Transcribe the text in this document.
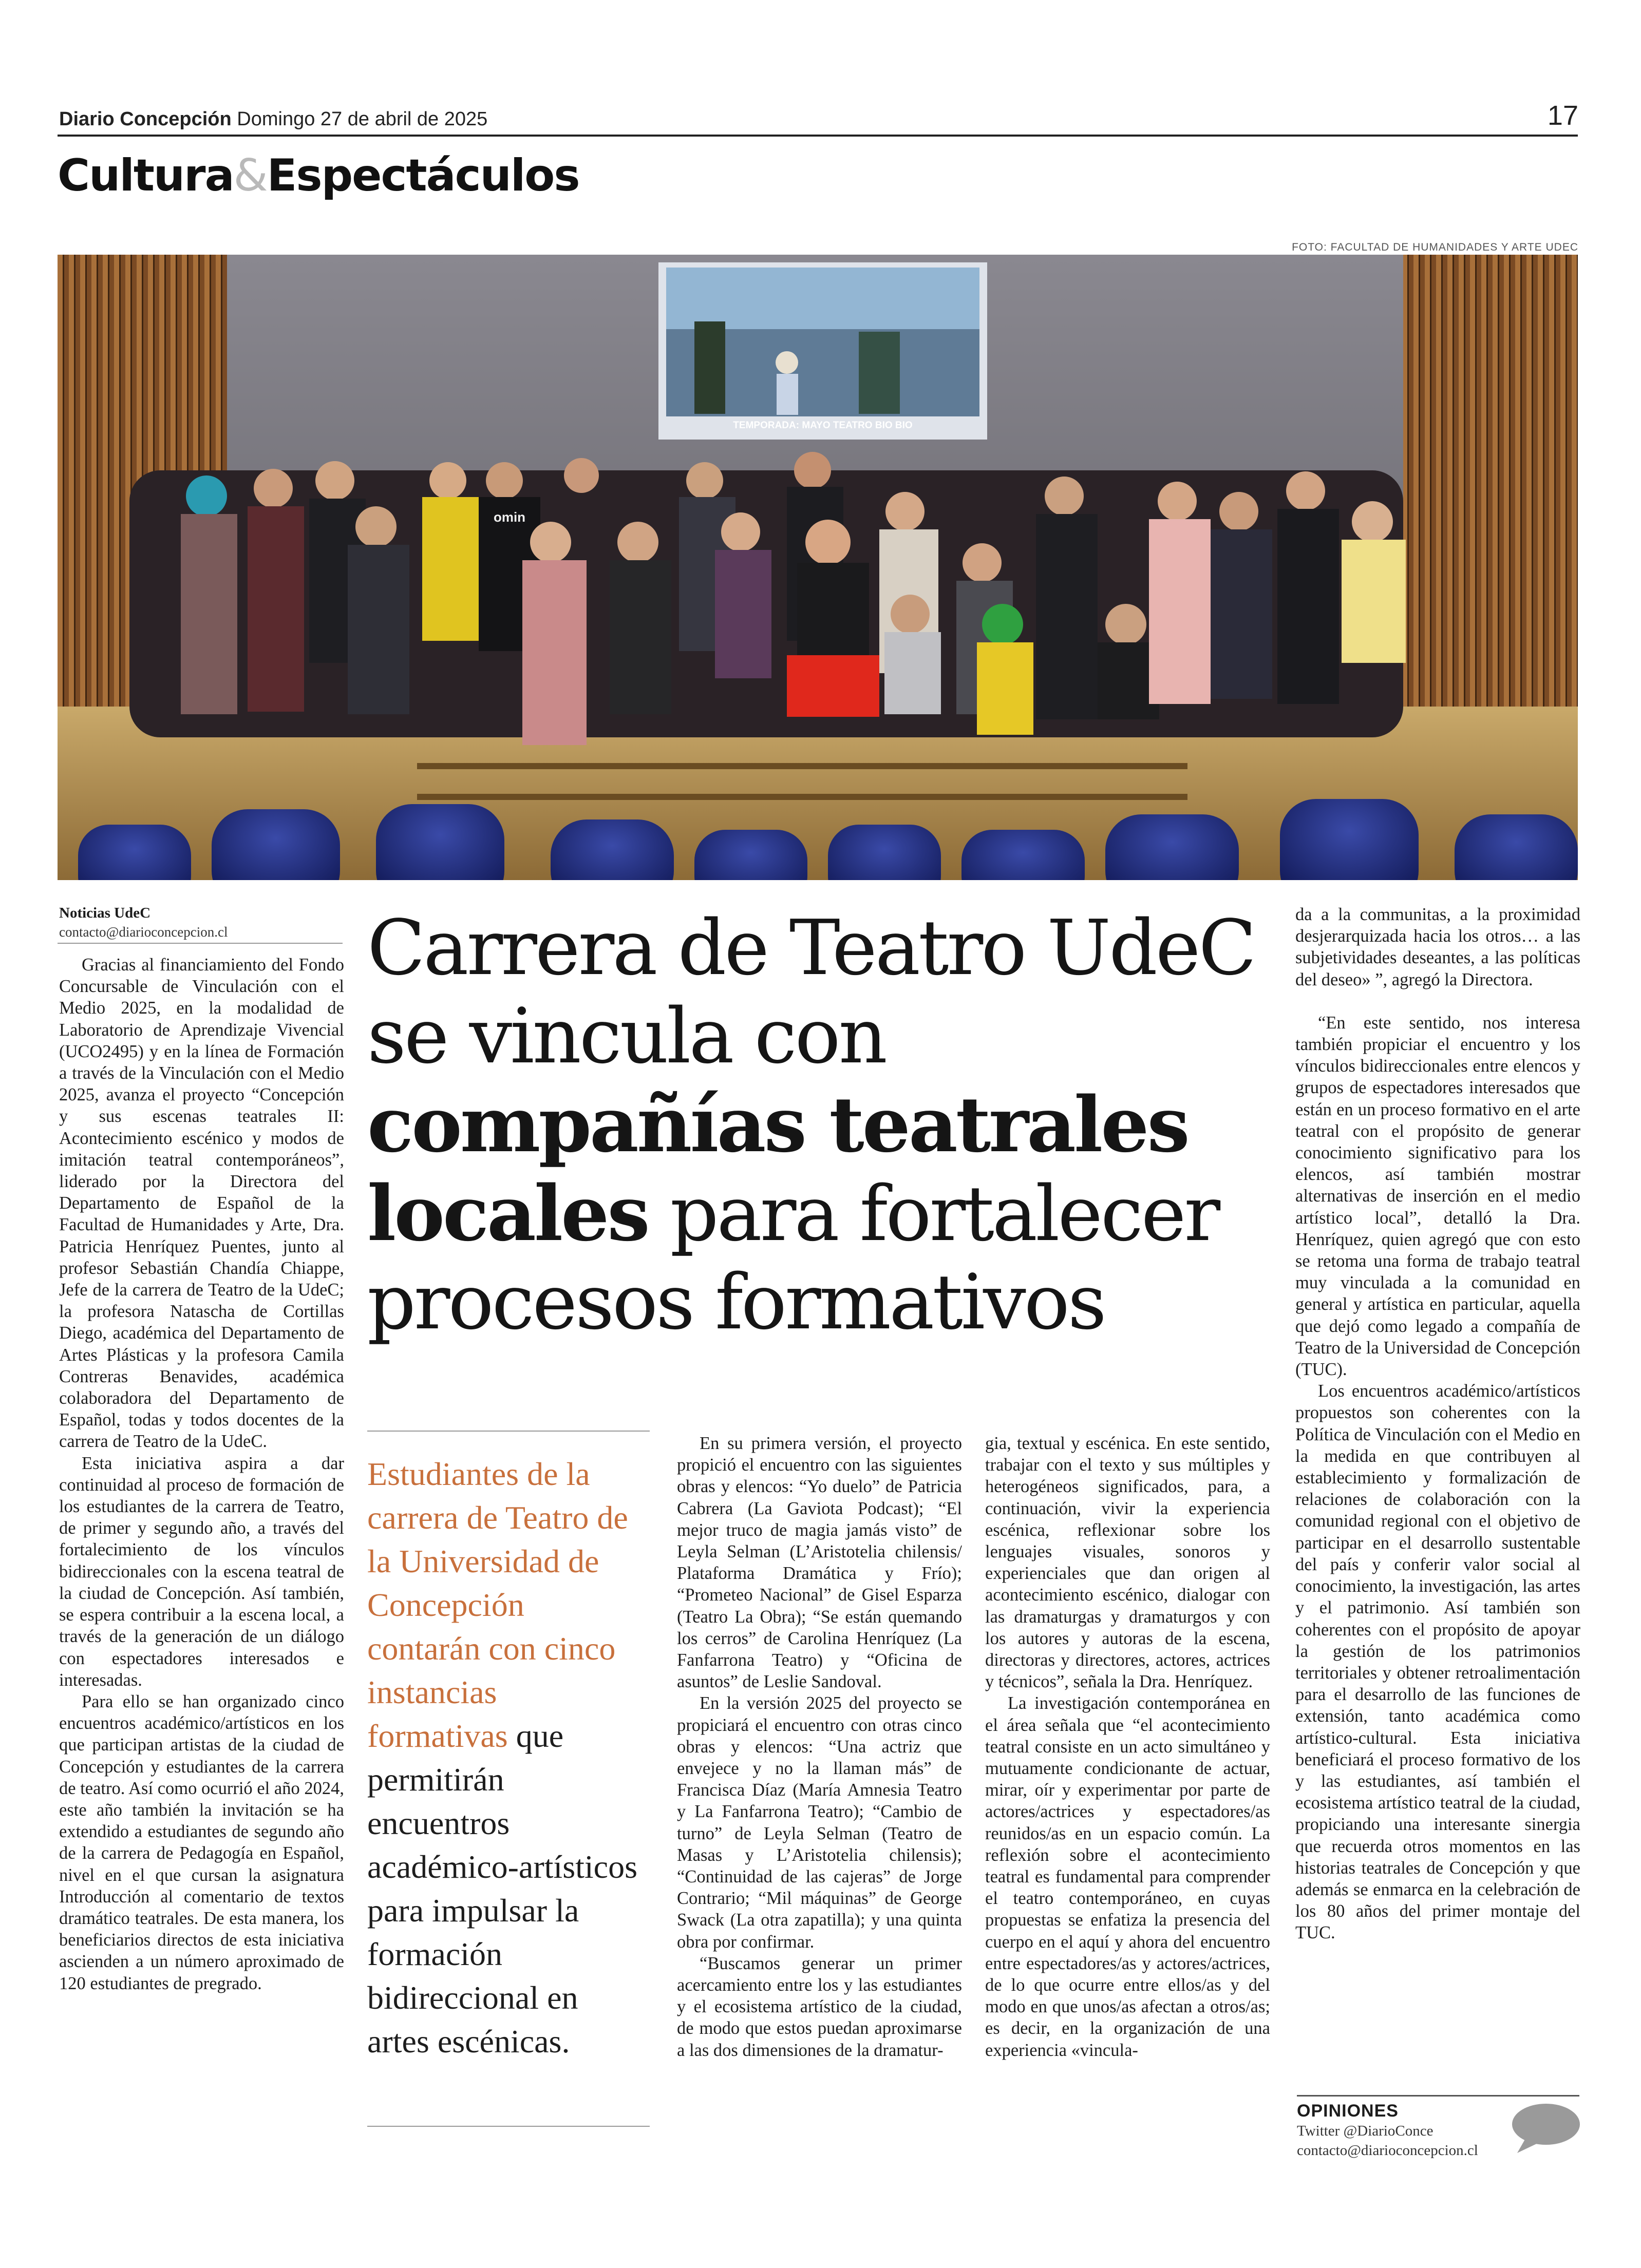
Diario Concepción Domingo 27 de abril de 2025	17
Cultura&Espectáculos
FOTO: FACULTAD DE HUMANIDADES Y ARTE UDEC
TEMPORADA: MAYO TEATRO BIO BIO
omin
Noticias UdeC
contacto@diarioconcepcion.cl

Gracias al financiamiento del Fondo Concursable de Vinculación con el Medio 2025, en la modalidad de Laboratorio de Aprendizaje Vivencial (UCO2495) y en la línea de Formación a través de la Vinculación con el Medio 2025, avanza el proyecto “Concepción y sus escenas teatrales II: Acontecimiento escénico y modos de imitación teatral contemporáneos”, liderado por la Directora del Departamento de Español de la Facultad de Humanidades y Arte, Dra. Patricia Henríquez Puentes, junto al profesor Sebastián Chandía Chiappe, Jefe de la carrera de Teatro de la UdeC; la profesora Natascha de Cortillas Diego, académica del Departamento de Artes Plásticas y la profesora Camila Contreras Benavides, académica colaboradora del Departamento de Español, todas y todos docentes de la carrera de Teatro de la UdeC.

Esta iniciativa aspira a dar continuidad al proceso de formación de los estudiantes de la carrera de Teatro, de primer y segundo año, a través del fortalecimiento de los vínculos bidireccionales con la escena teatral de la ciudad de Concepción. Así también, se espera contribuir a la escena local, a través de la generación de un diálogo con espectadores interesados e interesadas.

Para ello se han organizado cinco encuentros académico/artísticos en los que participan artistas de la ciudad de Concepción y estudiantes de la carrera de teatro. Así como ocurrió el año 2024, este año también la invitación se ha extendido a estudiantes de segundo año de la carrera de Pedagogía en Español, nivel en el que cursan la asignatura Introducción al comentario de textos dramático teatrales. De esta manera, los beneficiarios directos de esta iniciativa ascienden a un número aproximado de 120 estudiantes de pregrado.

Carrera de Teatro UdeC se vincula con compañías teatrales locales para fortalecer procesos formativos
Estudiantes de la carrera de Teatro de la Universidad de Concepción contarán con cinco instancias formativas que permitirán encuentros académico-artísticos para impulsar la formación bidireccional en artes escénicas.

En su primera versión, el proyecto propició el encuentro con las siguientes obras y elencos: “Yo duelo” de Patricia Cabrera (La Gaviota Podcast); “El mejor truco de magia jamás visto” de Leyla Selman (L’Aristotelia chilensis/ Plataforma Dramática y Frío); “Prometeo Nacional” de Gisel Esparza (Teatro La Obra); “Se están quemando los cerros” de Carolina Henríquez (La Fanfarrona Teatro) y “Oficina de asuntos” de Leslie Sandoval.

En la versión 2025 del proyecto se propiciará el encuentro con otras cinco obras y elencos: “Una actriz que envejece y no la llaman más” de Francisca Díaz (María Amnesia Teatro y La Fanfarrona Teatro); “Cambio de turno” de Leyla Selman (Teatro de Masas y L’Aristotelia chilensis); “Continuidad de las cajeras” de Jorge Contrario; “Mil máquinas” de George Swack (La otra zapatilla); y una quinta obra por confirmar.

“Buscamos generar un primer acercamiento entre los y las estudiantes y el ecosistema artístico de la ciudad, de modo que estos puedan aproximarse a las dos dimensiones de la dramatur-

gia, textual y escénica. En este sentido, trabajar con el texto y sus múltiples y heterogéneos significados, para, a continuación, vivir la experiencia escénica, reflexionar sobre los lenguajes visuales, sonoros y experienciales que dan origen al acontecimiento escénico, dialogar con las dramaturgas y dramaturgos y con los autores y autoras de la escena, directoras y directores, actores, actrices y técnicos”, señala la Dra. Henríquez.

La investigación contemporánea en el área señala que “el acontecimiento teatral consiste en un acto simultáneo y mutuamente condicionante de actuar, mirar, oír y experimentar por parte de actores/actrices y espectadores/as reunidos/as en un espacio común. La reflexión sobre el acontecimiento teatral es fundamental para comprender el teatro contemporáneo, en cuyas propuestas se enfatiza la presencia del cuerpo en el aquí y ahora del encuentro entre espectadores/as y actores/actrices, de lo que ocurre entre ellos/as y del modo en que unos/as afectan a otros/as; es decir, en la organización de una experiencia «vincula-

da a la communitas, a la proximidad desjerarquizada hacia los otros… a las subjetividades deseantes, a las políticas del deseo» ”, agregó la Directora.

“En este sentido, nos interesa también propiciar el encuentro y los vínculos bidireccionales entre elencos y grupos de espectadores interesados que están en un proceso formativo en el arte teatral con el propósito de generar conocimiento significativo para los elencos, así también mostrar alternativas de inserción en el medio artístico local”, detalló la Dra. Henríquez, quien agregó que con esto se retoma una forma de trabajo teatral muy vinculada a la comunidad en general y artística en particular, aquella que dejó como legado a compañía de Teatro de la Universidad de Concepción (TUC).

Los encuentros académico/artísticos propuestos son coherentes con la Política de Vinculación con el Medio en la medida en que contribuyen al establecimiento y formalización de relaciones de colaboración con la comunidad regional con el objetivo de participar en el desarrollo sustentable del país y conferir valor social al conocimiento, la investigación, las artes y el patrimonio. Así también son coherentes con el propósito de apoyar la gestión de los patrimonios territoriales y obtener retroalimentación para el desarrollo de las funciones de extensión, tanto académica como artístico-cultural. Esta iniciativa beneficiará el proceso formativo de los y las estudiantes, así también el ecosistema artístico teatral de la ciudad, propiciando una interesante sinergia que recuerda otros momentos en las historias teatrales de Concepción y que además se enmarca en la celebración de los 80 años del primer montaje del TUC.

OPINIONES
Twitter @DiarioConce
contacto@diarioconcepcion.cl
